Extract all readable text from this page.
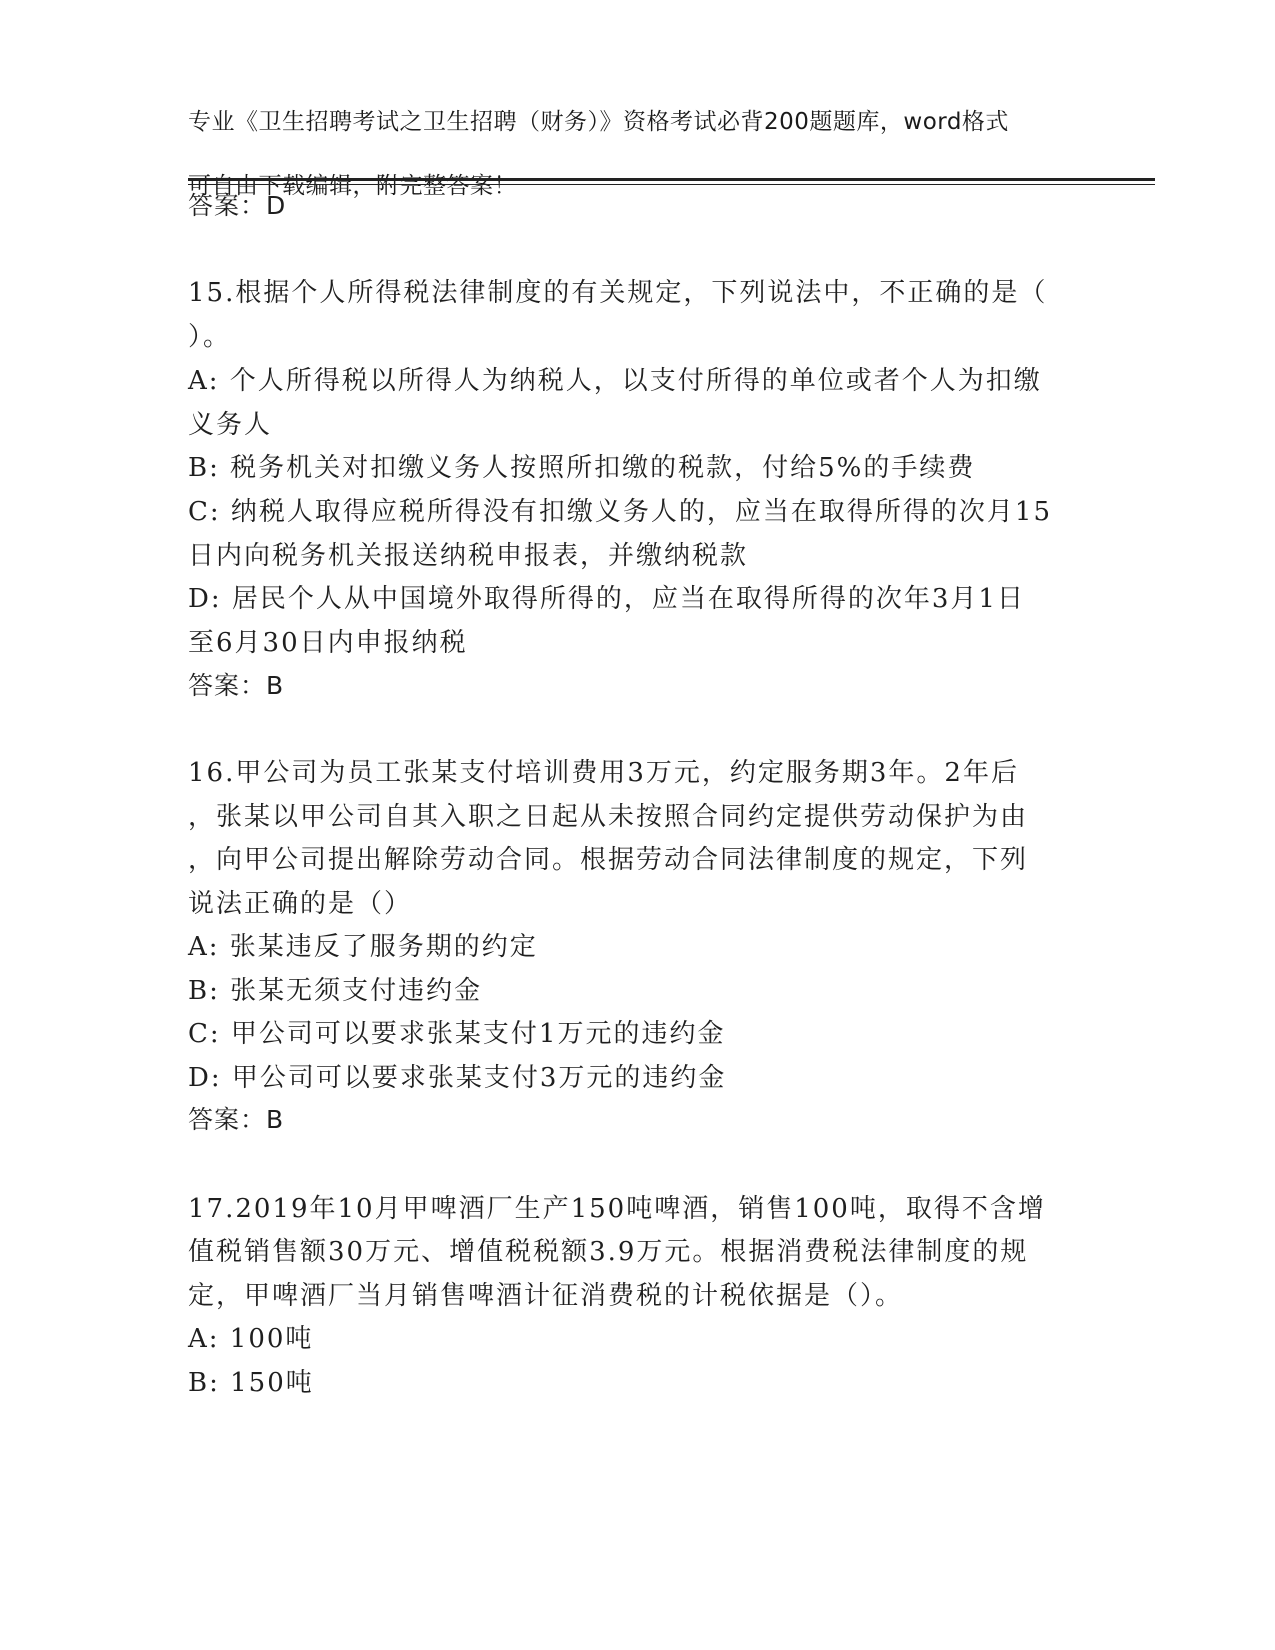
专业《卫生招聘考试之卫生招聘（财务）》资格考试必背200题题库，word格式

可自由下载编辑，附完整答案！

答案：D
15.根据个人所得税法律制度的有关规定，下列说法中，不正确的是（
）。
A: 个人所得税以所得人为纳税人，以支付所得的单位或者个人为扣缴
义务人
B: 税务机关对扣缴义务人按照所扣缴的税款，付给5%的手续费
C: 纳税人取得应税所得没有扣缴义务人的，应当在取得所得的次月15
日内向税务机关报送纳税申报表，并缴纳税款
D: 居民个人从中国境外取得所得的，应当在取得所得的次年3月1日
至6月30日内申报纳税
答案：B
16.甲公司为员工张某支付培训费用3万元，约定服务期3年。2年后
，张某以甲公司自其入职之日起从未按照合同约定提供劳动保护为由
，向甲公司提出解除劳动合同。根据劳动合同法律制度的规定，下列
说法正确的是（）
A: 张某违反了服务期的约定
B: 张某无须支付违约金
C: 甲公司可以要求张某支付1万元的违约金
D: 甲公司可以要求张某支付3万元的违约金
答案：B
17.2019年10月甲啤酒厂生产150吨啤酒，销售100吨，取得不含增
值税销售额30万元、增值税税额3.9万元。根据消费税法律制度的规
定，甲啤酒厂当月销售啤酒计征消费税的计税依据是（）。
A: 100吨
B: 150吨
